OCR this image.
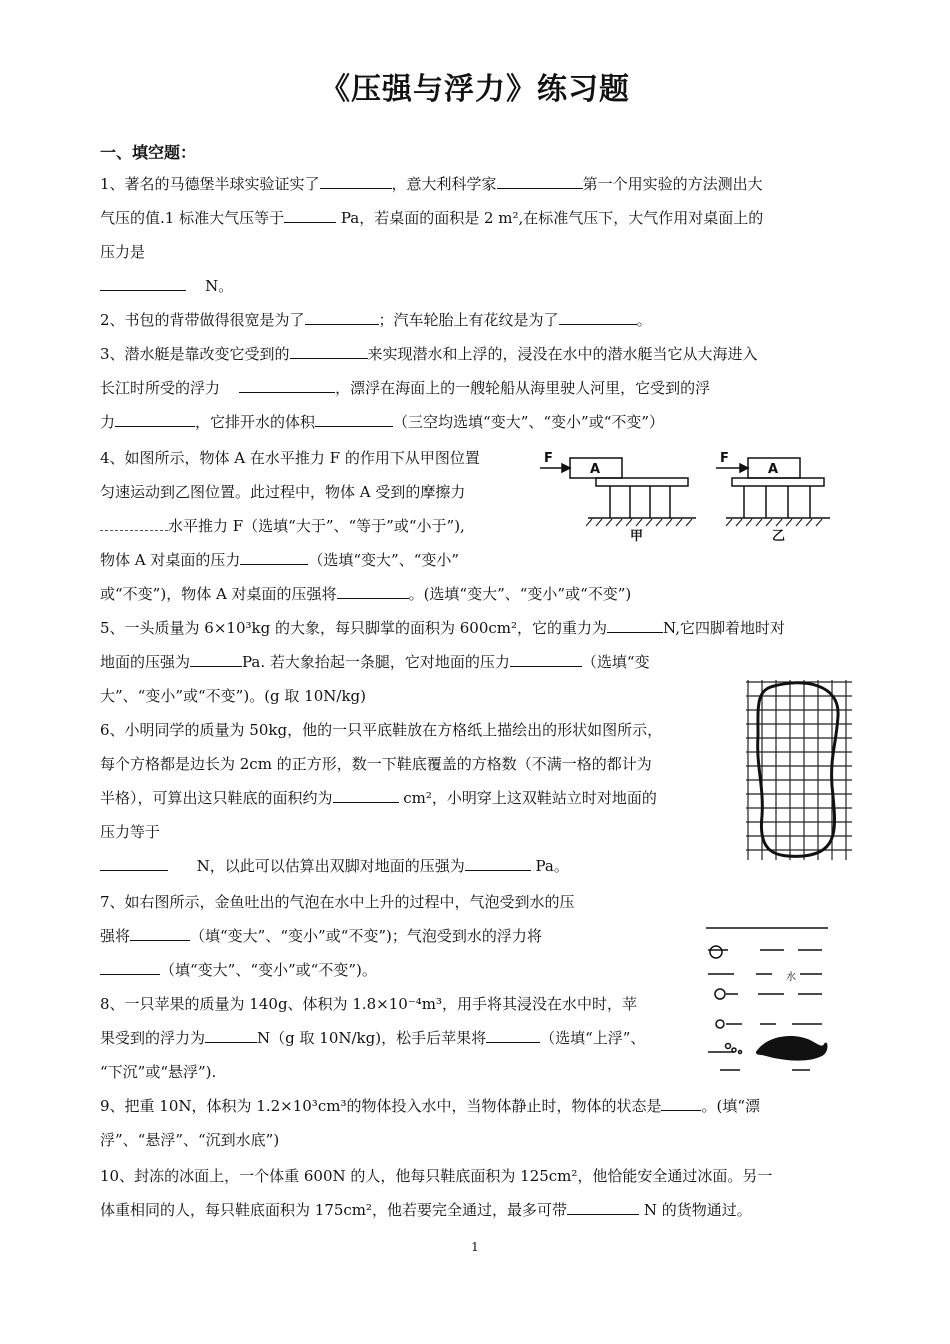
《压强与浮力》练习题
一、填空题：
1、著名的马德堡半球实验证实了	，意大利科学家	第一个用实验的方法测出大
气压的值.1 标准大气压等于	Pa，若桌面的面积是 2 m²,在标准气压下，大气作用对桌面上的
压力是
N。
2、书包的背带做得很宽是为了	；汽车轮胎上有花纹是为了	。
3、潜水艇是靠改变它受到的	来实现潜水和上浮的，浸没在水中的潜水艇当它从大海进入
长江时所受的浮力	，漂浮在海面上的一艘轮船从海里驶人河里，它受到的浮
力	，它排开水的体积	（三空均选填“变大”、“变小”或“不变”）
4、如图所示，物体 A 在水平推力 F 的作用下从甲图位置
匀速运动到乙图位置。此过程中，物体 A 受到的摩擦力
水平推力 F（选填“大于”、“等于”或“小于”),
物体 A 对桌面的压力	（选填“变大”、“变小”
或“不变”)，物体 A 对桌面的压强将	。(选填“变大”、“变小”或“不变”)
F
A
甲
F
A
乙
5、一头质量为 6×10³kg 的大象，每只脚掌的面积为 600cm²，它的重力为	N,它四脚着地时对
地面的压强为	Pa. 若大象抬起一条腿，它对地面的压力	（选填“变
大”、“变小”或“不变”)。(g 取 10N/kg)
6、小明同学的质量为 50kg，他的一只平底鞋放在方格纸上描绘出的形状如图所示，
每个方格都是边长为 2cm 的正方形，数一下鞋底覆盖的方格数（不满一格的都计为
半格），可算出这只鞋底的面积约为	cm²，小明穿上这双鞋站立时对地面的
压力等于
N，以此可以估算出双脚对地面的压强为	Pa。
7、如右图所示，金鱼吐出的气泡在水中上升的过程中，气泡受到水的压
强将	（填“变大”、“变小”或“不变”)；气泡受到水的浮力将
（填“变大”、“变小”或“不变”)。	水
8、一只苹果的质量为 140g、体积为 1.8×10⁻⁴m³，用手将其浸没在水中时，苹
果受到的浮力为	N（g 取 10N/kg)，松手后苹果将	（选填“上浮”、
“下沉”或“悬浮”).
9、把重 10N，体积为 1.2×10³cm³的物体投入水中，当物体静止时，物体的状态是	。(填“漂
浮”、“悬浮”、“沉到水底”)
10、封冻的冰面上，一个体重 600N 的人，他每只鞋底面积为 125cm²，他恰能安全通过冰面。另一
体重相同的人，每只鞋底面积为 175cm²，他若要完全通过，最多可带	N 的货物通过。
1
